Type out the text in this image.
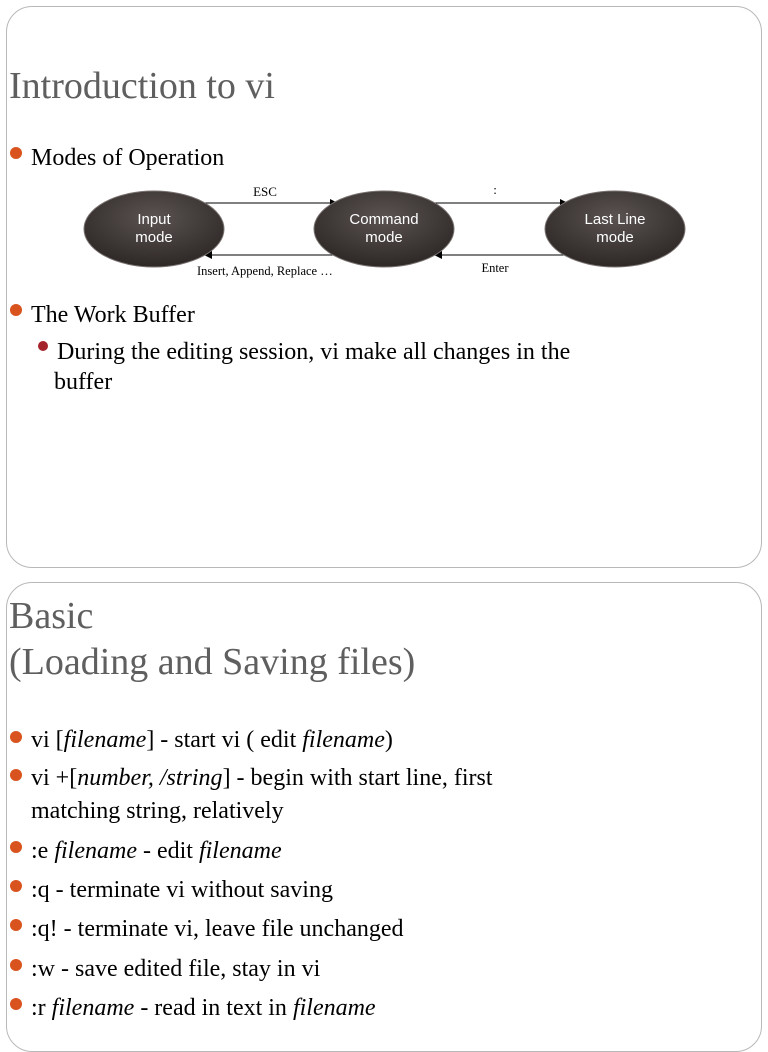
Introduction to vi
Modes of Operation
ESC	:
Insert, Append, Replace …	Enter
Input
mode
Command
mode
Last Line
mode
The Work Buffer
During the editing session, vi make all changes in the
buffer
Basic
(Loading and Saving files)
vi [filename] - start vi ( edit filename)
vi +[number, /string] - begin with start line, first
matching string, relatively
:e filename - edit filename
:q - terminate vi without saving
:q! - terminate vi, leave file unchanged
:w - save edited file, stay in vi
:r filename - read in text in filename
